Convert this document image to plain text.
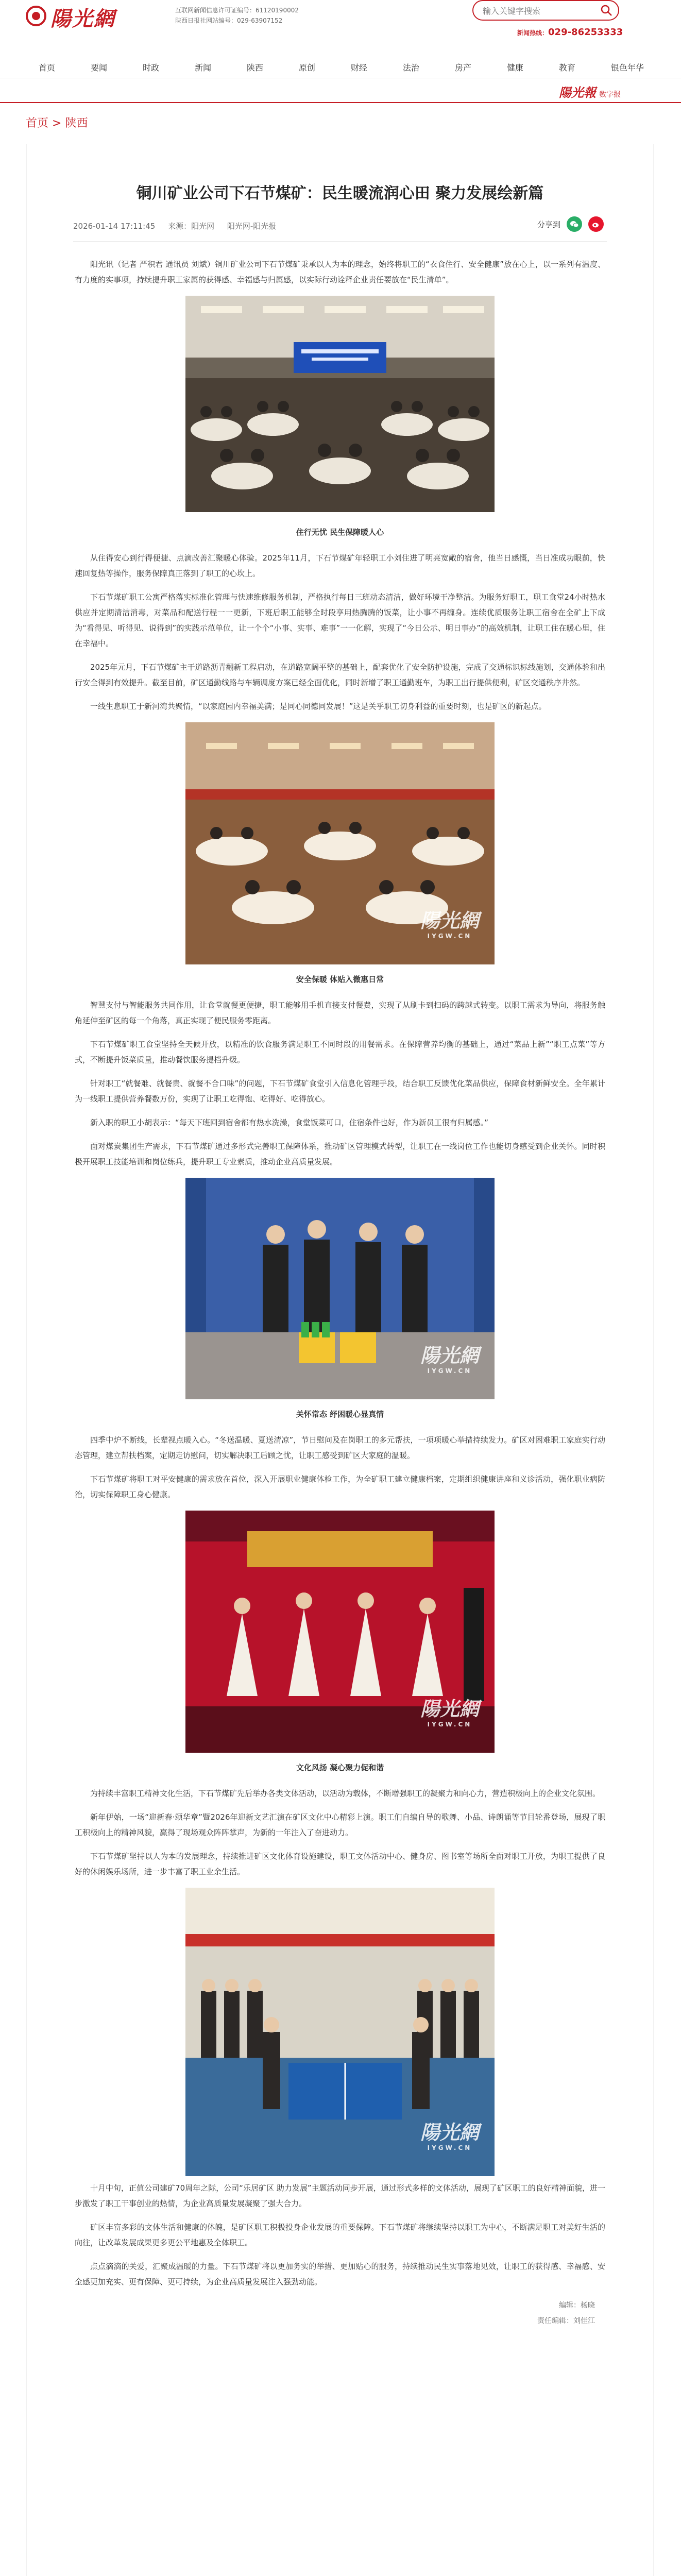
陽光網	互联网新闻信息许可证编号：61120190002
陕西日报社网站编号：029-63907152
输入关键字搜索
新闻热线：029-86253333
首页	要闻	时政	新闻	陕西	原创	财经	法治	房产	健康	教育	银色年华
陽光報 数字报
首页 > 陕西
铜川矿业公司下石节煤矿：民生暖流润心田 聚力发展绘新篇
2026-01-14 17:11:45 来源：阳光网 阳光网-阳光报	分享到

阳光讯（记者 严积君 通讯员 刘斌）铜川矿业公司下石节煤矿秉承以人为本的理念，始终将职工的“衣食住行、安全健康”放在心上，以一系列有温度、有力度的实事项，持续提升职工家属的获得感、幸福感与归属感，以实际行动诠释企业责任要放在“民生清单”。

住行无忧 民生保障暖人心

从住得安心到行得便捷、点滴改善汇聚暖心体验。2025年11月，下石节煤矿年轻职工小刘住进了明亮宽敞的宿舍，他当日感慨，当日准成功眼前，快速回复热等操作，服务保障真正落到了职工的心坎上。

下石节煤矿职工公寓严格落实标准化管理与快速维修服务机制，严格执行每日三班动态清洁，做好环境干净整洁。为服务好职工，职工食堂24小时热水供应并定期清洁消毒，对菜品和配送行程一一更新，下班后职工能够全时段享用热腾腾的饭菜，让小事不再缠身。连续优质服务让职工宿舍在全矿上下成为“看得见、听得见、说得到”的实践示范单位，让一个个“小事、实事、难事”一一化解，实现了“今日公示、明日事办”的高效机制，让职工住在暖心里，住在幸福中。

2025年元月，下石节煤矿主干道路沥青翻新工程启动，在道路宽阔平整的基础上，配套优化了安全防护设施，完成了交通标识标线施划，交通体验和出行安全得到有效提升。截至目前，矿区通勤线路与车辆调度方案已经全面优化，同时新增了职工通勤班车，为职工出行提供便利，矿区交通秩序井然。

一线生息职工于新河湾共聚情，“以家庭园内幸福美满；是同心同德同发展！”这是关乎职工切身利益的重要时刻，也是矿区的新起点。

陽光網
IYGW.CN
安全保暖 体贴入微惠日常

智慧支付与智能服务共同作用，让食堂就餐更便捷，职工能够用手机直接支付餐费，实现了从刷卡到扫码的跨越式转变。以职工需求为导向，将服务触角延伸至矿区的每一个角落，真正实现了便民服务零距离。

下石节煤矿职工食堂坚持全天候开放，以精准的饮食服务满足职工不同时段的用餐需求。在保障营养均衡的基础上，通过“菜品上新”“职工点菜”等方式，不断提升饭菜质量，推动餐饮服务提档升级。

针对职工“就餐难、就餐贵、就餐不合口味”的问题，下石节煤矿食堂引入信息化管理手段，结合职工反馈优化菜品供应，保障食材新鲜安全。全年累计为一线职工提供营养餐数万份，实现了让职工吃得饱、吃得好、吃得放心。

新入职的职工小胡表示：“每天下班回到宿舍都有热水洗澡，食堂饭菜可口，住宿条件也好，作为新员工很有归属感。”

面对煤炭集团生产需求，下石节煤矿通过多形式完善职工保障体系，推动矿区管理模式转型，让职工在一线岗位工作也能切身感受到企业关怀。同时积极开展职工技能培训和岗位练兵，提升职工专业素质，推动企业高质量发展。

陽光網
IYGW.CN
关怀常态 纾困暖心显真情

四季中炉不断线，长辈视点暖入心。“冬送温暖、夏送清凉”，节日慰问及在岗职工的多元帮扶，一项项暖心举措持续发力。矿区对困难职工家庭实行动态管理，建立帮扶档案，定期走访慰问，切实解决职工后顾之忧，让职工感受到矿区大家庭的温暖。

下石节煤矿将职工对平安健康的需求放在首位，深入开展职业健康体检工作，为全矿职工建立健康档案，定期组织健康讲座和义诊活动，强化职业病防治，切实保障职工身心健康。

陽光網
IYGW.CN
文化风扬 凝心聚力促和谐

为持续丰富职工精神文化生活，下石节煤矿先后举办各类文体活动，以活动为载体，不断增强职工的凝聚力和向心力，营造积极向上的企业文化氛围。

新年伊始，一场“迎新春·颂华章”暨2026年迎新文艺汇演在矿区文化中心精彩上演。职工们自编自导的歌舞、小品、诗朗诵等节目轮番登场，展现了职工积极向上的精神风貌，赢得了现场观众阵阵掌声，为新的一年注入了奋进动力。

下石节煤矿坚持以人为本的发展理念，持续推进矿区文化体育设施建设，职工文体活动中心、健身房、图书室等场所全面对职工开放，为职工提供了良好的休闲娱乐场所，进一步丰富了职工业余生活。

陽光網
IYGW.CN

十月中旬，正值公司建矿70周年之际，公司“乐居矿区 助力发展”主题活动同步开展，通过形式多样的文体活动，展现了矿区职工的良好精神面貌，进一步激发了职工干事创业的热情，为企业高质量发展凝聚了强大合力。

矿区丰富多彩的文体生活和健康的体魄，是矿区职工积极投身企业发展的重要保障。下石节煤矿将继续坚持以职工为中心，不断满足职工对美好生活的向往，让改革发展成果更多更公平地惠及全体职工。

点点滴滴的关爱，汇聚成温暖的力量。下石节煤矿将以更加务实的举措、更加贴心的服务，持续推动民生实事落地见效，让职工的获得感、幸福感、安全感更加充实、更有保障、更可持续，为企业高质量发展注入强劲动能。

编辑：杨晓
责任编辑：刘佳江
